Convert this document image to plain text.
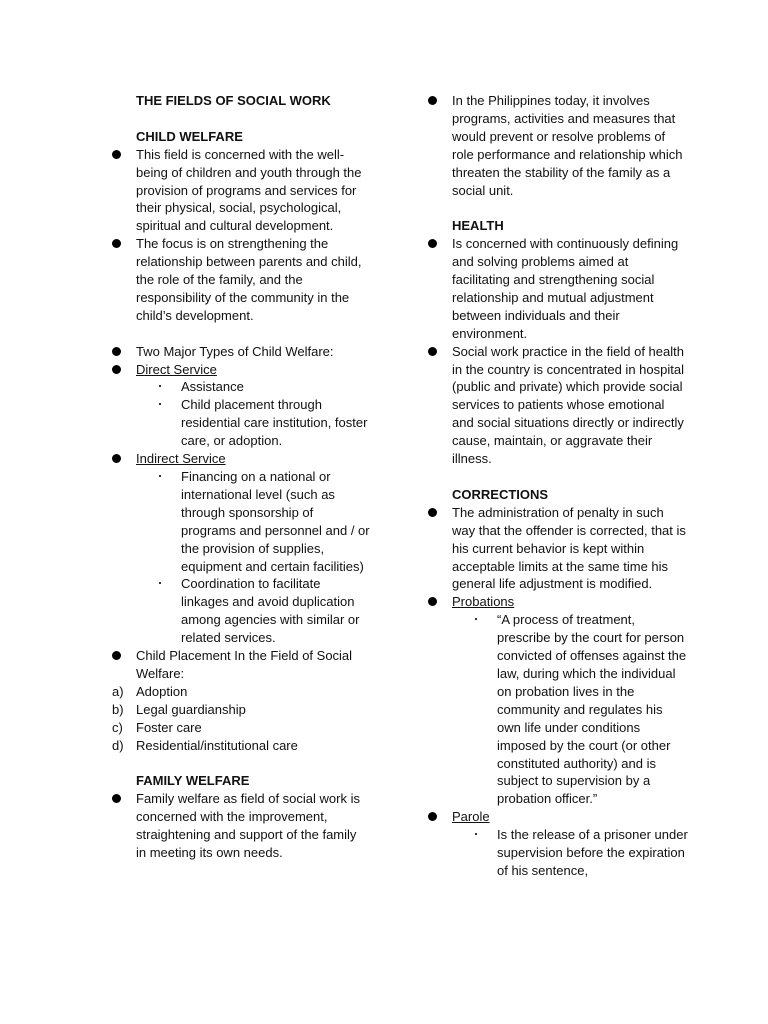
THE FIELDS OF SOCIAL WORK
CHILD WELFARE
This field is concerned with the well-being of children and youth through the provision of programs and services for their physical, social, psychological, spiritual and cultural development.
The focus is on strengthening the relationship between parents and child, the role of the family, and the responsibility of the community in the child’s development.
Two Major Types of Child Welfare:
Direct Service
Assistance
Child placement through residential care institution, foster care, or adoption.
Indirect Service
Financing on a national or international level (such as through sponsorship of programs and personnel and / or the provision of supplies, equipment and certain facilities)
Coordination to facilitate linkages and avoid duplication among agencies with similar or related services.
Child Placement In the Field of Social Welfare:
a) Adoption
b) Legal guardianship
c) Foster care
d) Residential/institutional care
FAMILY WELFARE
Family welfare as field of social work is concerned with the improvement, straightening and support of the family in meeting its own needs.
In the Philippines today, it involves programs, activities and measures that would prevent or resolve problems of role performance and relationship which threaten the stability of the family as a social unit.
HEALTH
Is concerned with continuously defining and solving problems aimed at facilitating and strengthening social relationship and mutual adjustment between individuals and their environment.
Social work practice in the field of health in the country is concentrated in hospital (public and private) which provide social services to patients whose emotional and social situations directly or indirectly cause, maintain, or aggravate their illness.
CORRECTIONS
The administration of penalty in such way that the offender is corrected, that is his current behavior is kept within acceptable limits at the same time his general life adjustment is modified.
Probations
“A process of treatment, prescribe by the court for person convicted of offenses against the law, during which the individual on probation lives in the community and regulates his own life under conditions imposed by the court (or other constituted authority) and is subject to supervision by a probation officer.”
Parole
Is the release of a prisoner under supervision before the expiration of his sentence,
